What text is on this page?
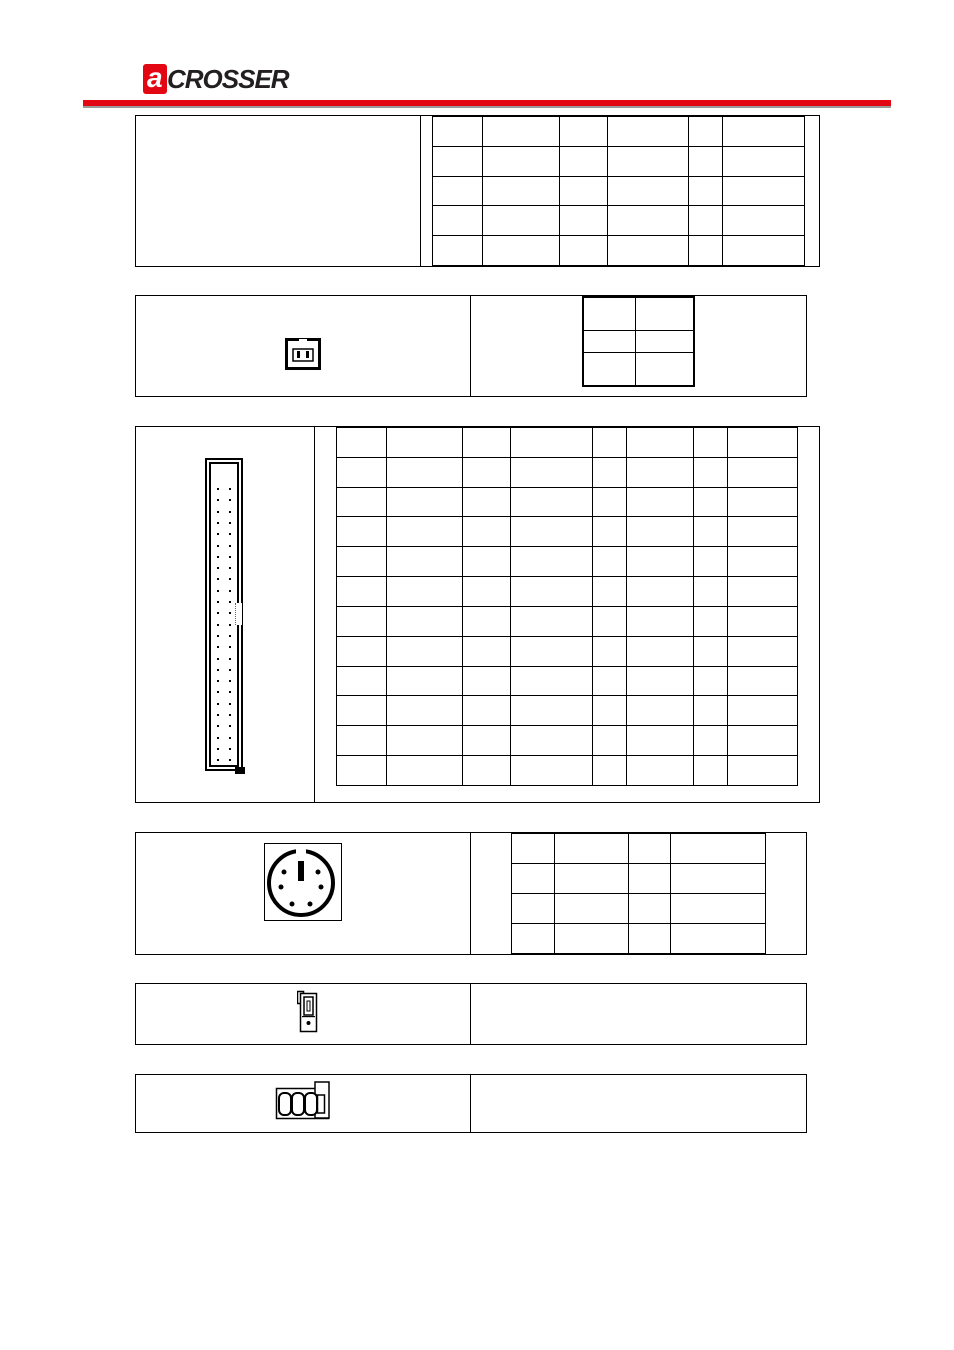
a CROSSER
